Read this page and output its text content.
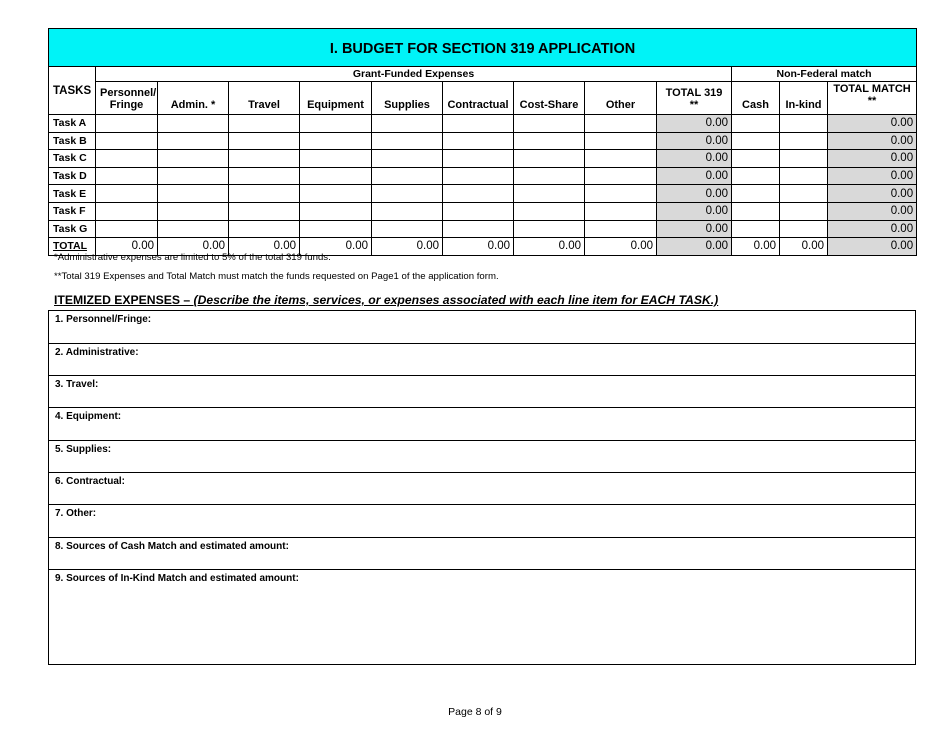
I. BUDGET FOR SECTION 319 APPLICATION												
TASKS	Grant-Funded Expenses									Non-Federal match		
	Personnel/ Fringe	Admin. *	Travel	Equipment	Supplies	Contractual	Cost-Share	Other	TOTAL 319 **	Cash	In-kind	TOTAL MATCH **
Task A									0.00			0.00
Task B									0.00			0.00
Task C									0.00			0.00
Task D									0.00			0.00
Task E									0.00			0.00
Task F									0.00			0.00
Task G									0.00			0.00
TOTAL	0.00	0.00	0.00	0.00	0.00	0.00	0.00	0.00	0.00	0.00	0.00	0.00
*Administrative expenses are limited to 5% of the total 319 funds.
**Total 319 Expenses and Total Match must match the funds requested on Page1 of the application form.
ITEMIZED EXPENSES – (Describe the items, services, or expenses associated with each line item for EACH TASK.)
1. Personnel/Fringe:
2. Administrative:
3. Travel:
4. Equipment:
5. Supplies:
6. Contractual:
7. Other:
8. Sources of Cash Match and estimated amount:
9. Sources of In-Kind Match and estimated amount:
Page 8 of 9
